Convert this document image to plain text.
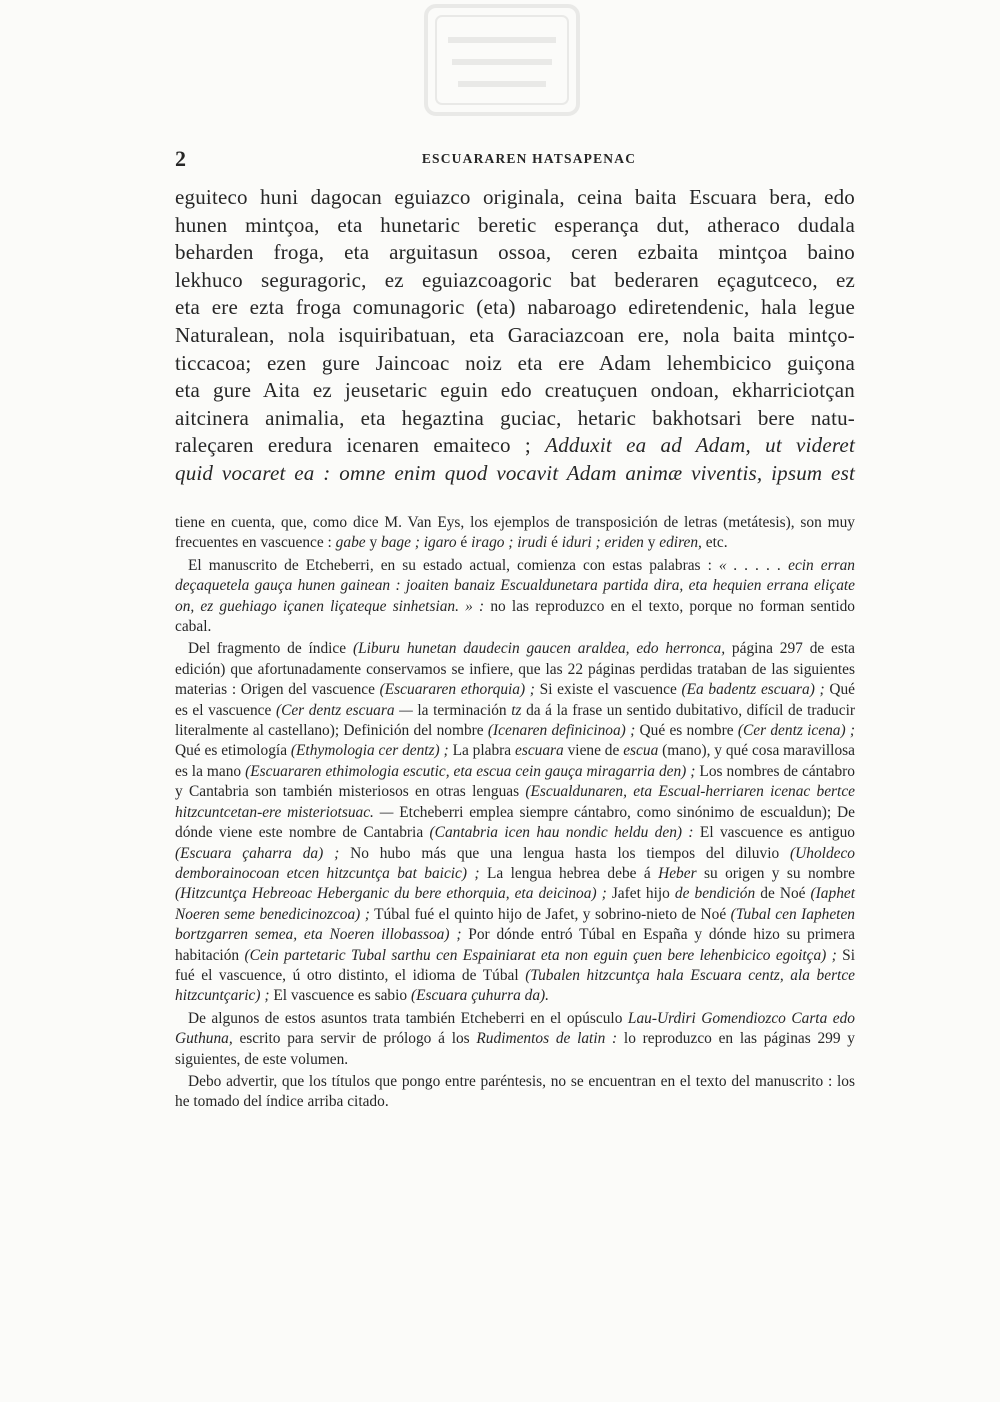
2	ESCUARAREN HATSAPENAC
eguiteco huni dagocan eguiazco originala, ceina baita Escuara bera, edo
hunen mintçoa, eta hunetaric beretic esperança dut, atheraco dudala
beharden froga, eta arguitasun ossoa, ceren ezbaita mintçoa baino
lekhuco seguragoric, ez eguiazcoagoric bat bederaren eçagutceco, ez
eta ere ezta froga comunagoric (eta) nabaroago ediretendenic, hala legue
Naturalean, nola isquiribatuan, eta Garaciazcoan ere, nola baita mintço-
ticcacoa; ezen gure Jaincoac noiz eta ere Adam lehembicico guiçona
eta gure Aita ez jeusetaric eguin edo creatuçuen ondoan, ekharriciotçan
aitcinera animalia, eta hegaztina guciac, hetaric bakhotsari bere natu-
raleçaren eredura icenaren emaiteco ; Adduxit ea ad Adam, ut videret
quid vocaret ea : omne enim quod vocavit Adam animæ viventis, ipsum est

tiene en cuenta, que, como dice M. Van Eys, los ejemplos de transposición de letras (metátesis), son muy frecuentes en vascuence : gabe y bage ; igaro é irago ; irudi é iduri ; eriden y ediren, etc.

El manuscrito de Etcheberri, en su estado actual, comienza con estas palabras : « . . . . . ecin erran deçaquetela gauça hunen gainean : joaiten banaiz Escualdunetara partida dira, eta hequien errana eliçate on, ez guehiago içanen liçateque sinhetsian. » : no las reproduzco en el texto, porque no forman sentido cabal.

Del fragmento de índice (Liburu hunetan daudecin gaucen araldea, edo herronca, página 297 de esta edición) que afortunadamente conservamos se infiere, que las 22 páginas perdidas trataban de las siguientes materias : Origen del vascuence (Escuararen ethorquia) ; Si existe el vascuence (Ea badentz escuara) ; Qué es el vascuence (Cer dentz escuara — la terminación tz da á la frase un sentido dubitativo, difícil de traducir literalmente al castellano); Definición del nombre (Icenaren definicinoa) ; Qué es nombre (Cer dentz icena) ; Qué es etimología (Ethymologia cer dentz) ; La plabra escuara viene de escua (mano), y qué cosa maravillosa es la mano (Escuararen ethimologia escutic, eta escua cein gauça miragarria den) ; Los nombres de cántabro y Cantabria son también misteriosos en otras lenguas (Escualdunaren, eta Escual-herriaren icenac bertce hitzcuntcetan-ere misteriotsuac. — Etcheberri emplea siempre cántabro, como sinónimo de escualdun); De dónde viene este nombre de Cantabria (Cantabria icen hau nondic heldu den) : El vascuence es antiguo (Escuara çaharra da) ; No hubo más que una lengua hasta los tiempos del diluvio (Uholdeco demborainocoan etcen hitzcuntça bat baicic) ; La lengua hebrea debe á Heber su origen y su nombre (Hitzcuntça Hebreoac Heberganic du bere ethorquia, eta deicinoa) ; Jafet hijo de bendición de Noé (Iaphet Noeren seme benedicinozcoa) ; Túbal fué el quinto hijo de Jafet, y sobrino-nieto de Noé (Tubal cen Iapheten bortzgarren semea, eta Noeren illobassoa) ; Por dónde entró Túbal en España y dónde hizo su primera habitación (Cein partetaric Tubal sarthu cen Espainiarat eta non eguin çuen bere lehenbicico egoitça) ; Si fué el vascuence, ú otro distinto, el idioma de Túbal (Tubalen hitzcuntça hala Escuara centz, ala bertce hitzcuntçaric) ; El vascuence es sabio (Escuara çuhurra da).

De algunos de estos asuntos trata también Etcheberri en el opúsculo Lau-Urdiri Gomendiozco Carta edo Guthuna, escrito para servir de prólogo á los Rudimentos de latin : lo reproduzco en las páginas 299 y siguientes, de este volumen.

Debo advertir, que los títulos que pongo entre paréntesis, no se encuentran en el texto del manuscrito : los he tomado del índice arriba citado.
